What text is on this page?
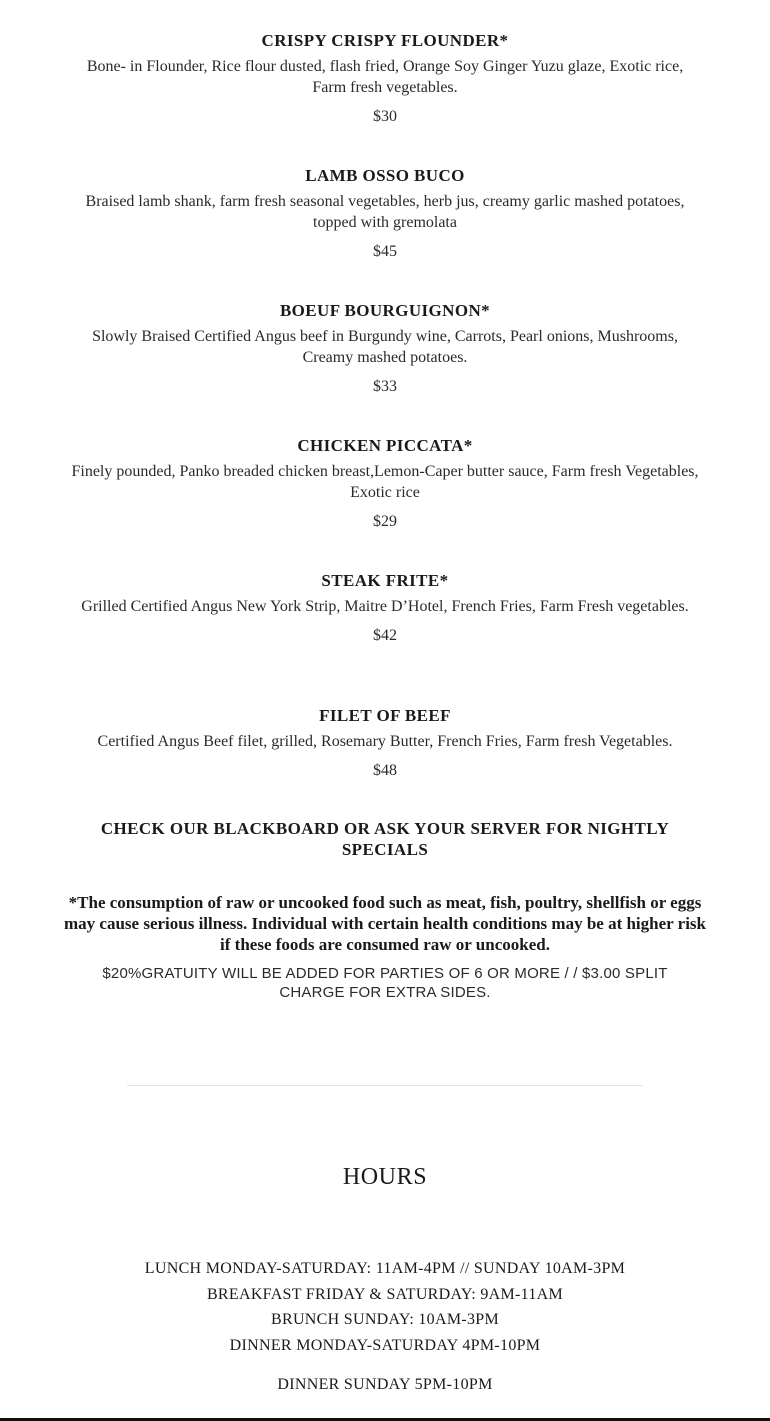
CRISPY CRISPY FLOUNDER*
Bone- in Flounder, Rice flour dusted, flash fried, Orange Soy Ginger Yuzu glaze, Exotic rice, Farm fresh vegetables.
$30
LAMB OSSO BUCO
Braised lamb shank, farm fresh seasonal vegetables, herb jus, creamy garlic mashed potatoes, topped with gremolata
$45
BOEUF BOURGUIGNON*
Slowly Braised Certified Angus beef in Burgundy wine, Carrots, Pearl onions, Mushrooms, Creamy mashed potatoes.
$33
CHICKEN PICCATA*
Finely pounded, Panko breaded chicken breast,Lemon-Caper butter sauce, Farm fresh Vegetables, Exotic rice
$29
STEAK FRITE*
Grilled Certified Angus New York Strip, Maitre D’Hotel, French Fries, Farm Fresh vegetables.
$42
FILET OF BEEF
Certified Angus Beef filet, grilled, Rosemary Butter, French Fries, Farm fresh Vegetables.
$48
CHECK OUR BLACKBOARD OR ASK YOUR SERVER FOR NIGHTLY SPECIALS
*The consumption of raw or uncooked food such as meat, fish, poultry, shellfish or eggs may cause serious illness. Individual with certain health conditions may be at higher risk if these foods are consumed raw or uncooked.
$20%GRATUITY WILL BE ADDED FOR PARTIES OF 6 OR MORE / / $3.00 SPLIT CHARGE FOR EXTRA SIDES.
HOURS
LUNCH MONDAY-SATURDAY: 11AM-4PM // SUNDAY 10AM-3PM
BREAKFAST FRIDAY & SATURDAY: 9AM-11AM
BRUNCH SUNDAY: 10AM-3PM
DINNER MONDAY-SATURDAY 4PM-10PM
DINNER SUNDAY 5PM-10PM
